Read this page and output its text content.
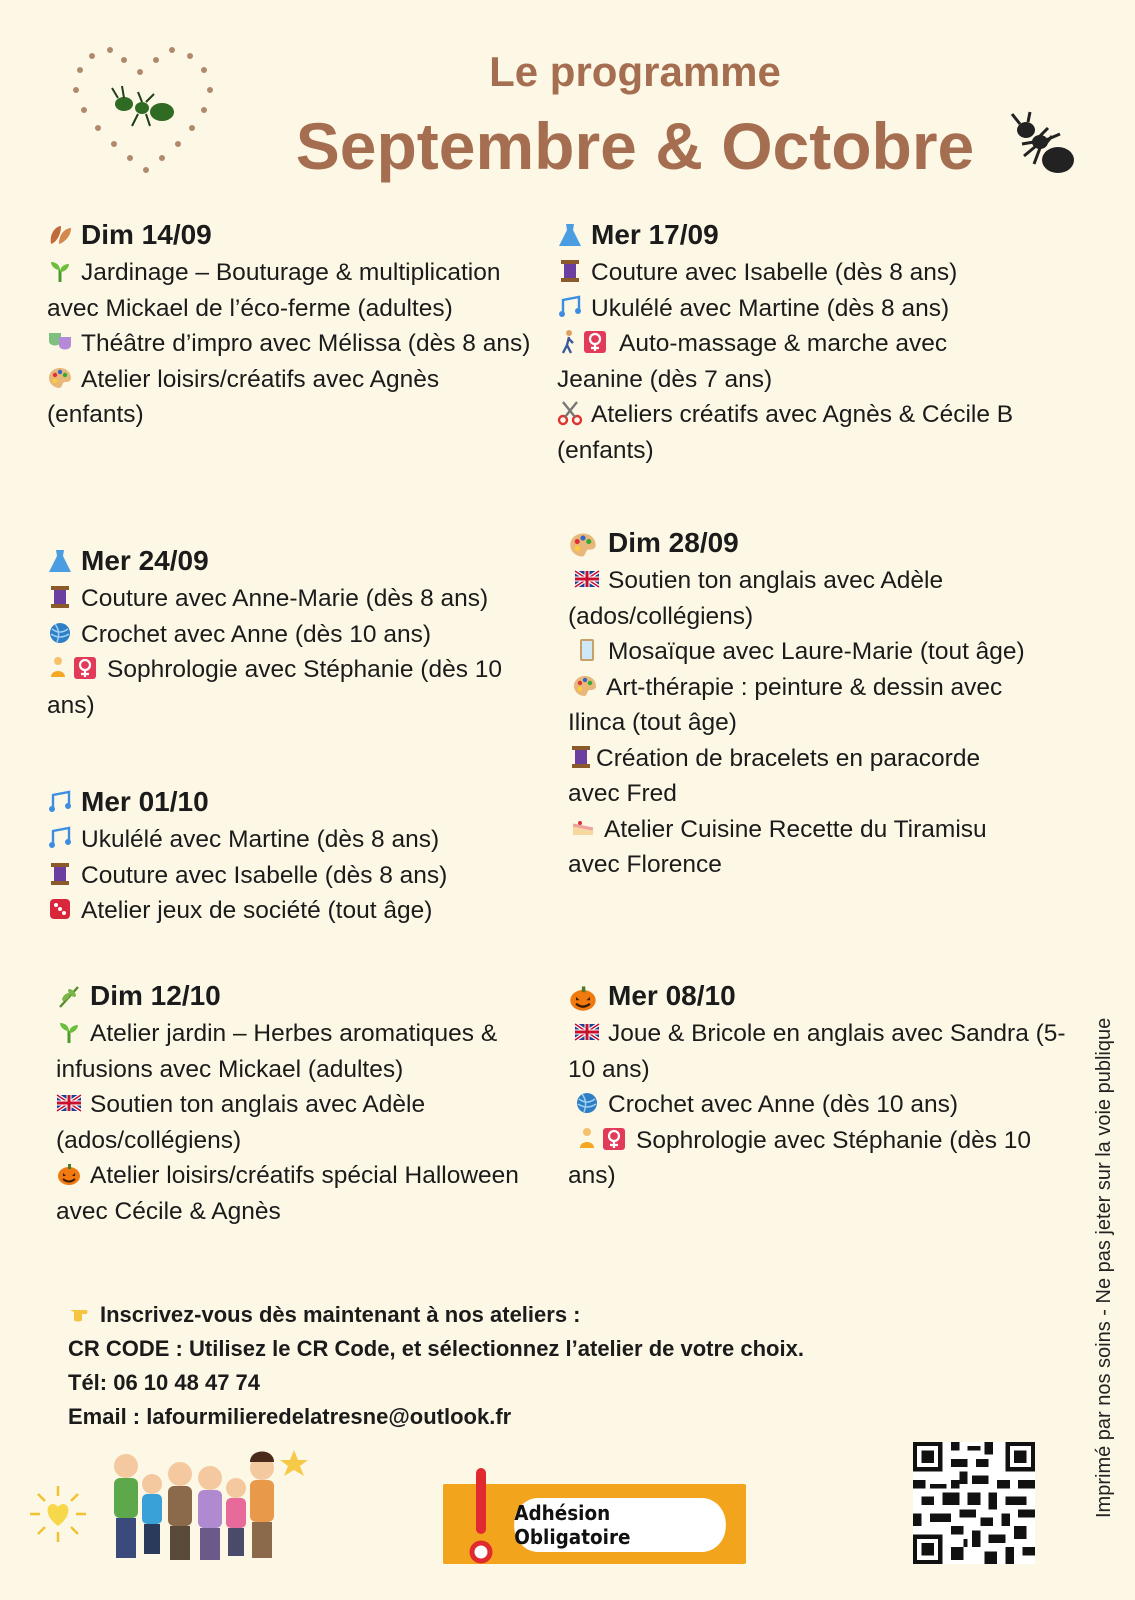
Le programme
Septembre & Octobre
Dim 14/09
Jardinage – Bouturage & multiplication avec Mickael de l’éco-ferme (adultes)
Théâtre d’impro avec Mélissa (dès 8 ans)
Atelier loisirs/créatifs avec Agnès (enfants)
Mer 24/09
Couture avec Anne-Marie (dès 8 ans)
Crochet avec Anne (dès 10 ans)
Sophrologie avec Stéphanie (dès 10 ans)
Mer 01/10
Ukulélé avec Martine (dès 8 ans)
Couture avec Isabelle (dès 8 ans)
Atelier jeux de société (tout âge)
Dim 12/10
Atelier jardin – Herbes aromatiques & infusions avec Mickael (adultes)
Soutien ton anglais avec Adèle (ados/collégiens)
Atelier loisirs/créatifs spécial Halloween avec Cécile & Agnès
Mer 17/09
Couture avec Isabelle (dès 8 ans)
Ukulélé avec Martine (dès 8 ans)
Auto-massage & marche avec Jeanine (dès 7 ans)
Ateliers créatifs avec Agnès & Cécile B (enfants)
Dim 28/09
Soutien ton anglais avec Adèle (ados/collégiens)
Mosaïque avec Laure-Marie (tout âge)
Art-thérapie : peinture & dessin avec Ilinca (tout âge)
Création de bracelets en paracorde avec Fred
Atelier Cuisine Recette du Tiramisu avec Florence
Mer 08/10
Joue & Bricole en anglais avec Sandra (5-10 ans)
Crochet avec Anne (dès 10 ans)
Sophrologie avec Stéphanie (dès 10 ans)
Inscrivez-vous dès maintenant à nos ateliers :
CR CODE : Utilisez le CR Code, et sélectionnez l’atelier de votre choix.
Tél: 06 10 48 47 74
Email : lafourmilieredelatresne@outlook.fr	Imprimé par nos soins - Ne pas jeter sur la voie publique
Adhésion Obligatoire
